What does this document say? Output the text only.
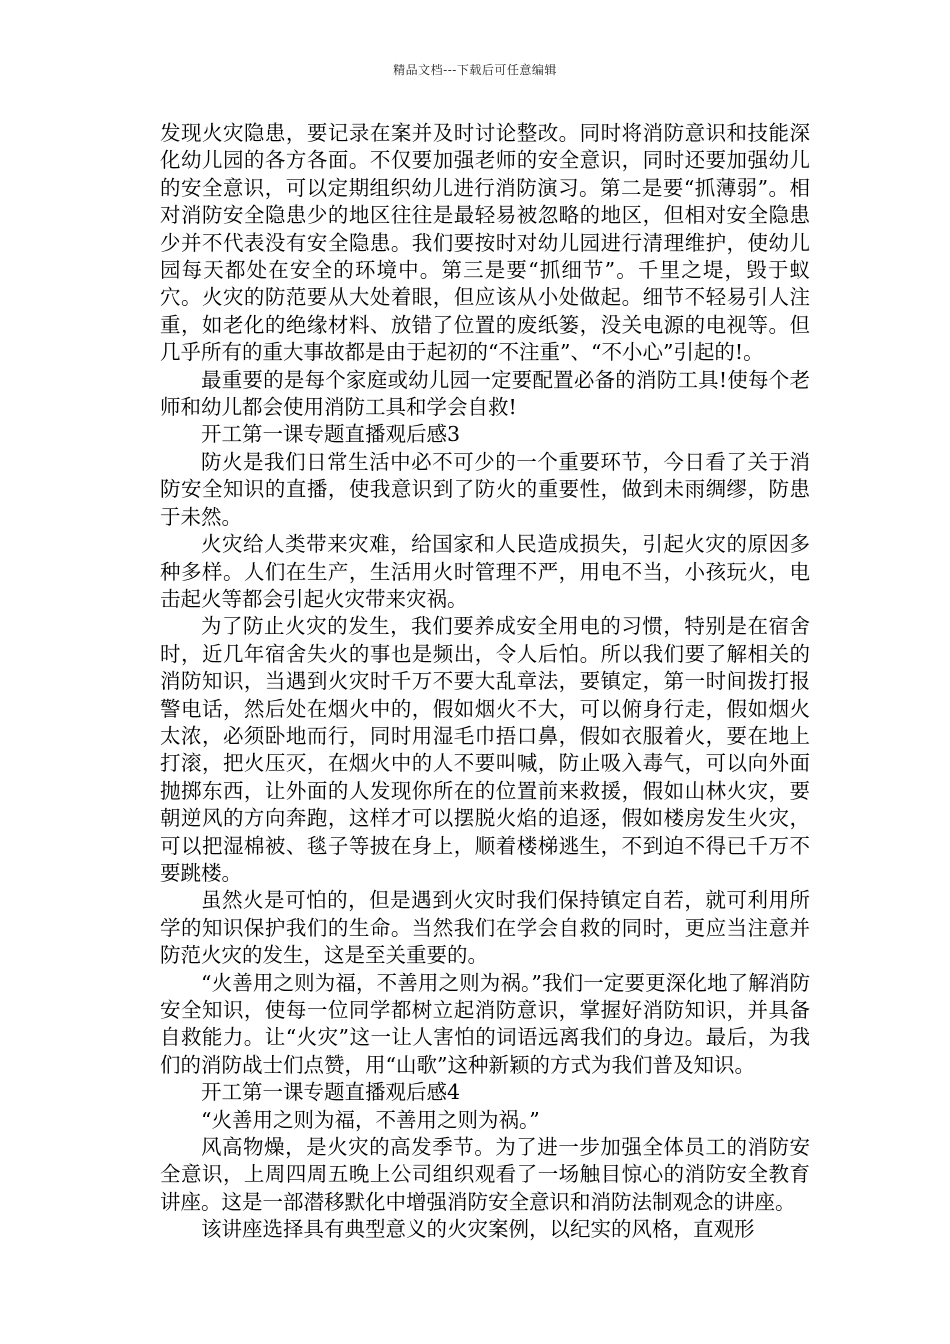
精品文档---下载后可任意编辑

发现火灾隐患，要记录在案并及时讨论整改。同时将消防意识和技能深化幼儿园的各方各面。不仅要加强老师的安全意识，同时还要加强幼儿的安全意识，可以定期组织幼儿进行消防演习。第二是要“抓薄弱”。相对消防安全隐患少的地区往往是最轻易被忽略的地区，但相对安全隐患少并不代表没有安全隐患。我们要按时对幼儿园进行清理维护，使幼儿园每天都处在安全的环境中。第三是要“抓细节”。千里之堤，毁于蚁穴。火灾的防范要从大处着眼，但应该从小处做起。细节不轻易引人注重，如老化的绝缘材料、放错了位置的废纸篓，没关电源的电视等。但几乎所有的重大事故都是由于起初的“不注重”、“不小心”引起的!。

最重要的是每个家庭或幼儿园一定要配置必备的消防工具!使每个老师和幼儿都会使用消防工具和学会自救!

开工第一课专题直播观后感3

防火是我们日常生活中必不可少的一个重要环节，今日看了关于消防安全知识的直播，使我意识到了防火的重要性，做到未雨绸缪，防患于未然。

火灾给人类带来灾难，给国家和人民造成损失，引起火灾的原因多种多样。人们在生产，生活用火时管理不严，用电不当，小孩玩火，电击起火等都会引起火灾带来灾祸。

为了防止火灾的发生，我们要养成安全用电的习惯，特别是在宿舍时，近几年宿舍失火的事也是频出，令人后怕。所以我们要了解相关的消防知识，当遇到火灾时千万不要大乱章法，要镇定，第一时间拨打报警电话，然后处在烟火中的，假如烟火不大，可以俯身行走，假如烟火太浓，必须卧地而行，同时用湿毛巾捂口鼻，假如衣服着火，要在地上打滚，把火压灭，在烟火中的人不要叫喊，防止吸入毒气，可以向外面抛掷东西，让外面的人发现你所在的位置前来救援，假如山林火灾，要朝逆风的方向奔跑，这样才可以摆脱火焰的追逐，假如楼房发生火灾，可以把湿棉被、毯子等披在身上，顺着楼梯逃生，不到迫不得已千万不要跳楼。

虽然火是可怕的，但是遇到火灾时我们保持镇定自若，就可利用所学的知识保护我们的生命。当然我们在学会自救的同时，更应当注意并防范火灾的发生，这是至关重要的。

“火善用之则为福，不善用之则为祸。”我们一定要更深化地了解消防安全知识，使每一位同学都树立起消防意识，掌握好消防知识，并具备自救能力。让“火灾”这一让人害怕的词语远离我们的身边。最后，为我们的消防战士们点赞，用“山歌”这种新颖的方式为我们普及知识。

开工第一课专题直播观后感4

“火善用之则为福，不善用之则为祸。”

风高物燥，是火灾的高发季节。为了进一步加强全体员工的消防安全意识，上周四周五晚上公司组织观看了一场触目惊心的消防安全教育讲座。这是一部潜移默化中增强消防安全意识和消防法制观念的讲座。

该讲座选择具有典型意义的火灾案例，以纪实的风格，直观形
